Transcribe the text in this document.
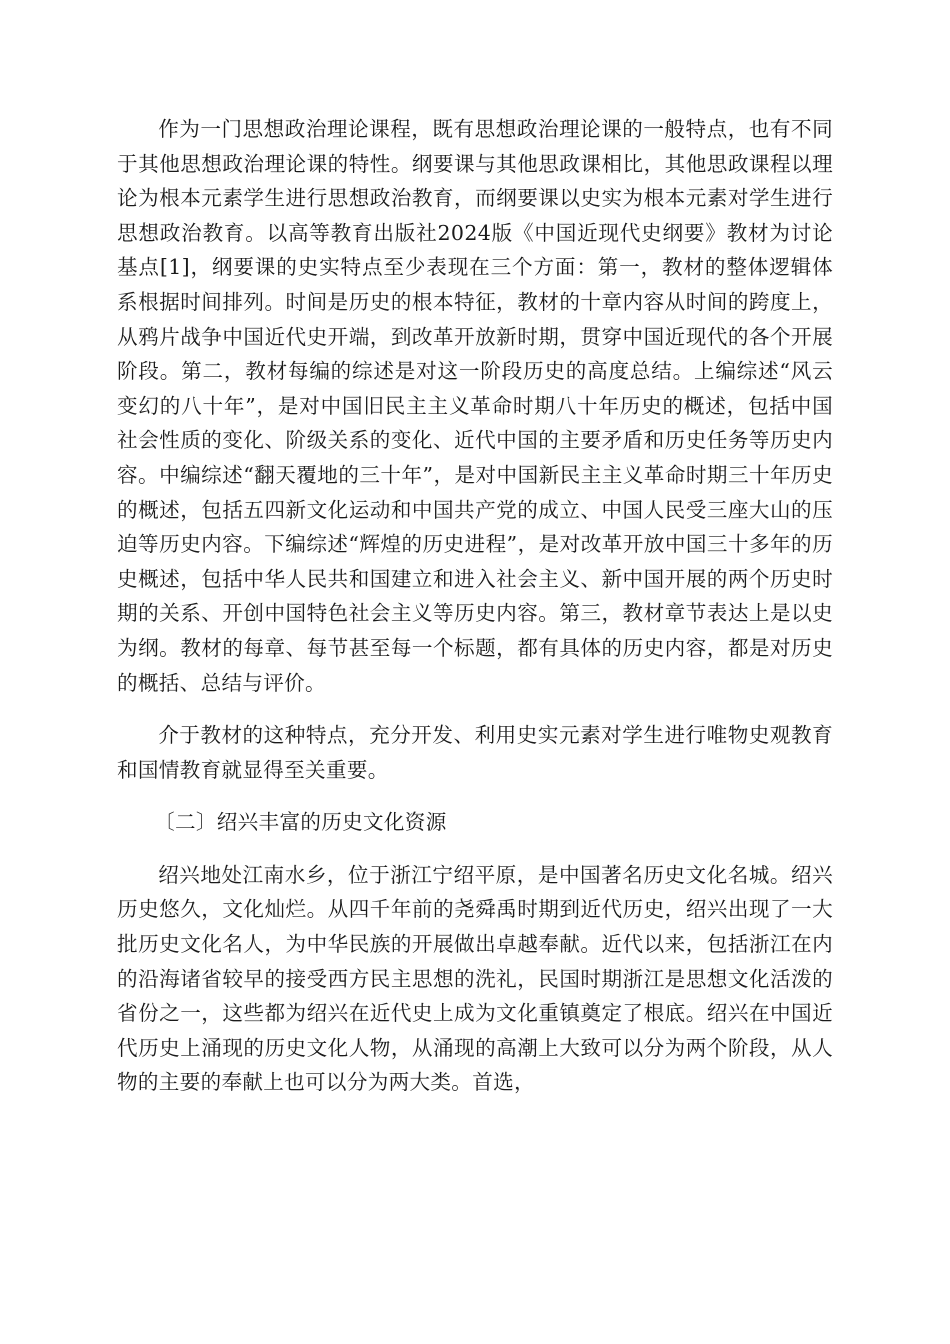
作为一门思想政治理论课程，既有思想政治理论课的一般特点，也有不同于其他思想政治理论课的特性。纲要课与其他思政课相比，其他思政课程以理论为根本元素学生进行思想政治教育，而纲要课以史实为根本元素对学生进行思想政治教育。以高等教育出版社2024版《中国近现代史纲要》教材为讨论基点[1]，纲要课的史实特点至少表现在三个方面：第一，教材的整体逻辑体系根据时间排列。时间是历史的根本特征，教材的十章内容从时间的跨度上，从鸦片战争中国近代史开端，到改革开放新时期，贯穿中国近现代的各个开展阶段。第二，教材每编的综述是对这一阶段历史的高度总结。上编综述“风云变幻的八十年”，是对中国旧民主主义革命时期八十年历史的概述，包括中国社会性质的变化、阶级关系的变化、近代中国的主要矛盾和历史任务等历史内容。中编综述“翻天覆地的三十年”，是对中国新民主主义革命时期三十年历史的概述，包括五四新文化运动和中国共产党的成立、中国人民受三座大山的压迫等历史内容。下编综述“辉煌的历史进程”，是对改革开放中国三十多年的历史概述，包括中华人民共和国建立和进入社会主义、新中国开展的两个历史时期的关系、开创中国特色社会主义等历史内容。第三，教材章节表达上是以史为纲。教材的每章、每节甚至每一个标题，都有具体的历史内容，都是对历史的概括、总结与评价。

介于教材的这种特点，充分开发、利用史实元素对学生进行唯物史观教育和国情教育就显得至关重要。

〔二〕绍兴丰富的历史文化资源

绍兴地处江南水乡，位于浙江宁绍平原，是中国著名历史文化名城。绍兴历史悠久，文化灿烂。从四千年前的尧舜禹时期到近代历史，绍兴出现了一大批历史文化名人，为中华民族的开展做出卓越奉献。近代以来，包括浙江在内的沿海诸省较早的接受西方民主思想的洗礼，民国时期浙江是思想文化活泼的省份之一，这些都为绍兴在近代史上成为文化重镇奠定了根底。绍兴在中国近代历史上涌现的历史文化人物，从涌现的高潮上大致可以分为两个阶段，从人物的主要的奉献上也可以分为两大类。首选，
